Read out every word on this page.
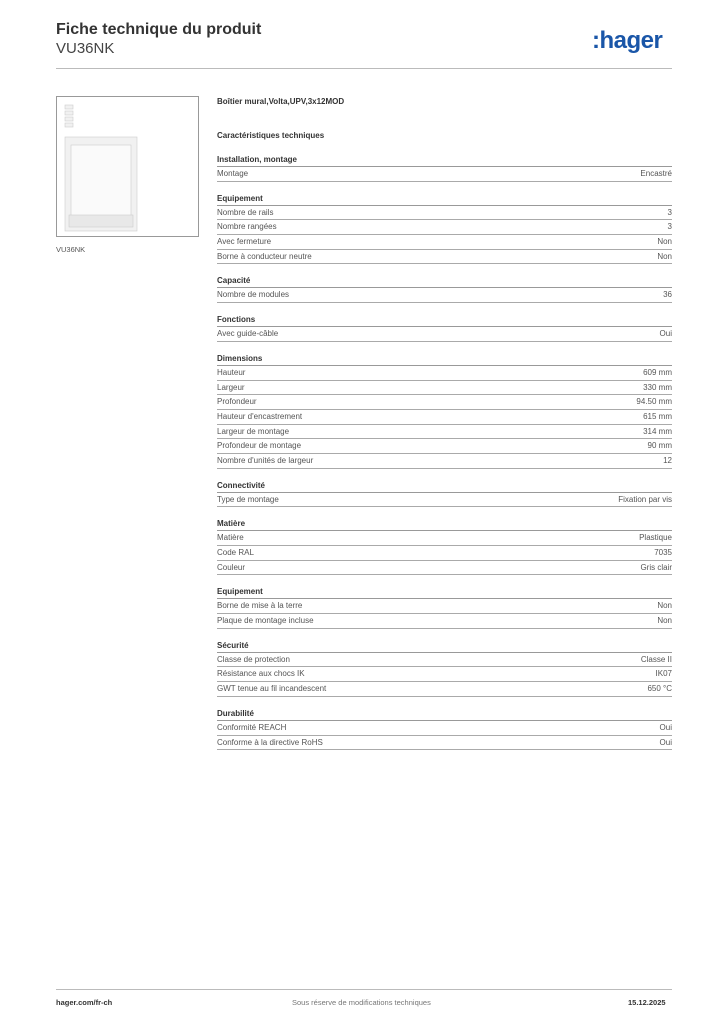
Fiche technique du produit
VU36NK	:hager
VU36NK
Boîtier mural,Volta,UPV,3x12MOD
Caractéristiques techniques
Installation, montage
Montage	Encastré
Equipement
Nombre de rails	3
Nombre rangées	3
Avec fermeture	Non
Borne à conducteur neutre	Non
Capacité
Nombre de modules	36
Fonctions
Avec guide-câble	Oui
Dimensions
Hauteur	609 mm
Largeur	330 mm
Profondeur	94.50 mm
Hauteur d'encastrement	615 mm
Largeur de montage	314 mm
Profondeur de montage	90 mm
Nombre d'unités de largeur	12
Connectivité
Type de montage	Fixation par vis
Matière
Matière	Plastique
Code RAL	7035
Couleur	Gris clair
Equipement
Borne de mise à la terre	Non
Plaque de montage incluse	Non
Sécurité
Classe de protection	Classe II
Résistance aux chocs IK	IK07
GWT tenue au fil incandescent	650 °C
Durabilité
Conformité REACH	Oui
Conforme à la directive RoHS	Oui
hager.com/fr-ch	Sous réserve de modifications techniques	15.12.2025
